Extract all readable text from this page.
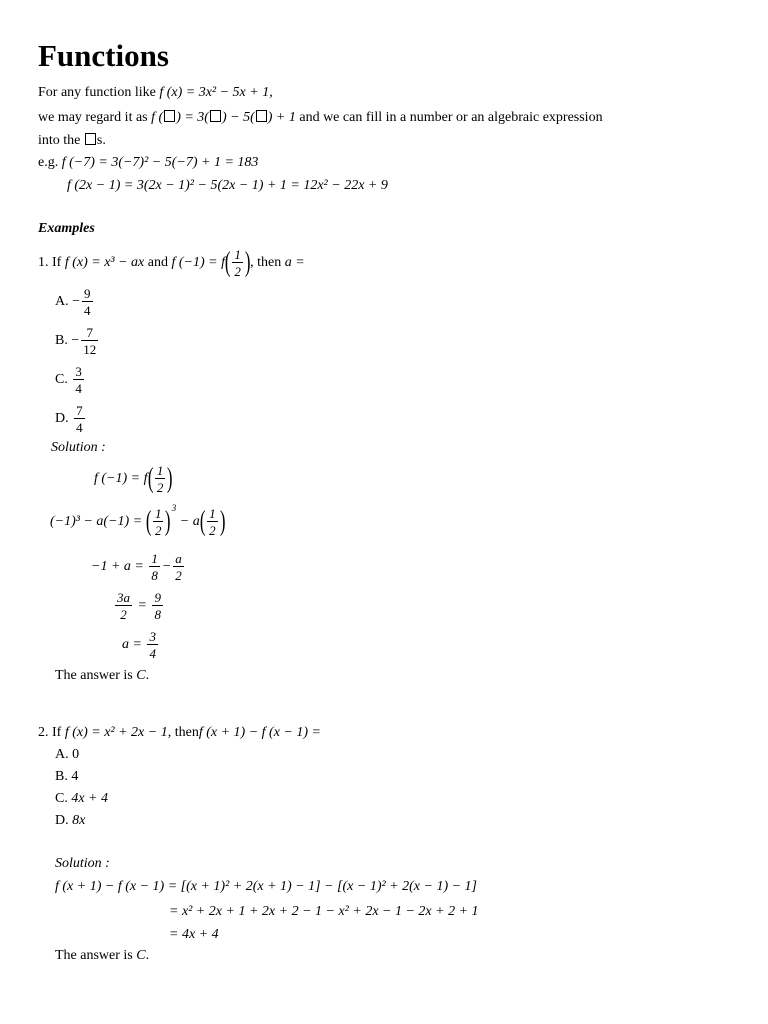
Functions
For any function like f (x) = 3x² − 5x + 1,
we may regard it as f ( ) = 3( ) − 5( ) + 1 and we can fill in a number or an algebraic expression
into the s.
e.g. f (−7) = 3(−7)² − 5(−7) + 1 = 183
f (2x − 1) = 3(2x − 1)² − 5(2x − 1) + 1 = 12x² − 22x + 9
Examples
1. If f (x) = x³ − ax and f $(-1) = f( \frac{1}{2}$ ), then a =
A. − $\frac{9}{4}$
B. − $\frac{7}{12}$
C. $\frac{3}{4}$
D. $\frac{7}{4}$
Solution :
f $(-1) = f( \frac{1}{2}$ )
(−1)³ − a(−1) = ( $\frac{1}{2} )^3 - a( \frac{1}{2}$ )
$-1 + a = \frac{1}{8} - \frac{a}{2}$
$\frac{3a}{2} = \frac{9}{8}$
$a = \frac{3}{4}$
The answer is C.
2. If f (x) = x² + 2x − 1, thenf (x + 1) − f (x − 1) =
A. 0
B. 4
C. 4x + 4
D. 8x
Solution :
f (x + 1) − f (x − 1) = [(x + 1)² + 2(x + 1) − 1] − [(x − 1)² + 2(x − 1) − 1]
= x² + 2x + 1 + 2x + 2 − 1 − x² + 2x − 1 − 2x + 2 + 1
= 4x + 4
The answer is C.
